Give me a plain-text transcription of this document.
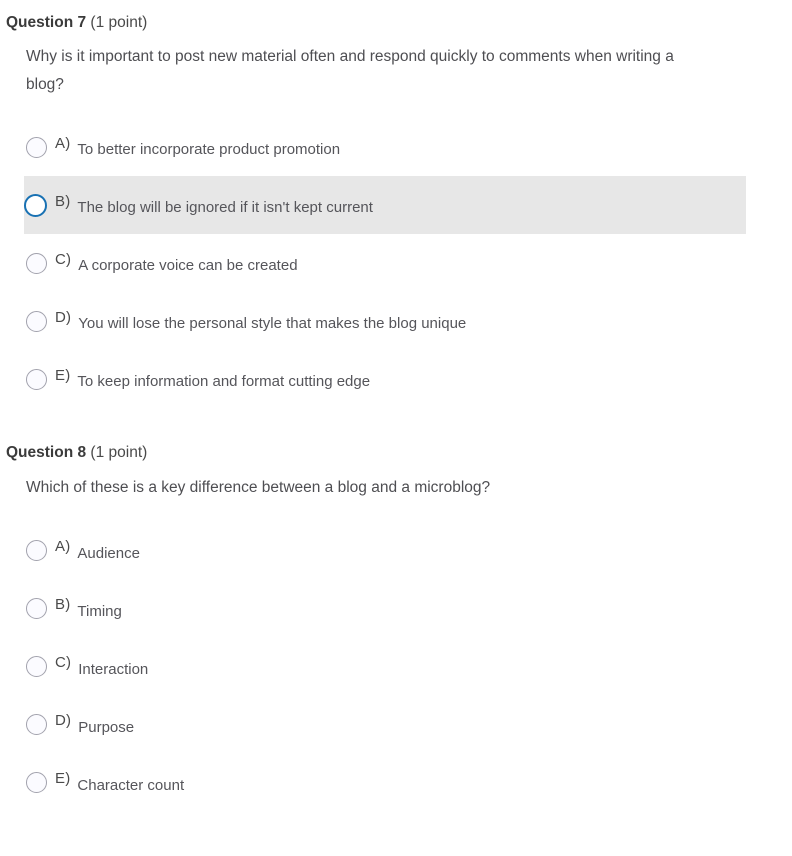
Question 7 (1 point)
Why is it important to post new material often and respond quickly to comments when writing a blog?
A) To better incorporate product promotion
B) The blog will be ignored if it isn't kept current
C) A corporate voice can be created
D) You will lose the personal style that makes the blog unique
E) To keep information and format cutting edge
Question 8 (1 point)
Which of these is a key difference between a blog and a microblog?
A) Audience
B) Timing
C) Interaction
D) Purpose
E) Character count
